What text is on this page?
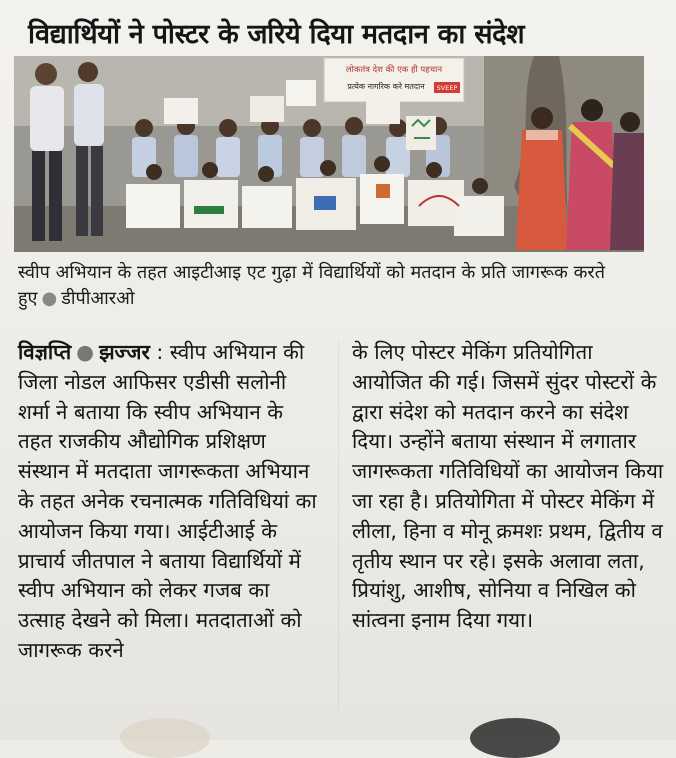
विद्यार्थियों ने पोस्टर के जरिये दिया मतदान का संदेश
लोकतंत्र देश की एक ही पहचान
प्रत्येक नागरिक करे मतदान SVEEP
स्वीप अभियान के तहत आइटीआइ एट गुढ़ा में विद्यार्थियों को मतदान के प्रति जागरूक करते हुए ● डीपीआरओ

विज्ञप्ति ● झज्जर : स्वीप अभियान की जिला नोडल आफिसर एडीसी सलोनी शर्मा ने बताया कि स्वीप अभियान के तहत राजकीय औद्योगिक प्रशिक्षण संस्थान में मतदाता जागरूकता अभियान के तहत अनेक रचनात्मक गतिविधियां का आयोजन किया गया। आईटीआई के प्राचार्य जीतपाल ने बताया विद्यार्थियों में स्वीप अभियान को लेकर गजब का उत्साह देखने को मिला। मतदाताओं को जागरूक करने

के लिए पोस्टर मेकिंग प्रतियोगिता आयोजित की गई। जिसमें सुंदर पोस्टरों के द्वारा संदेश को मतदान करने का संदेश दिया। उन्होंने बताया संस्थान में लगातार जागरूकता गतिविधियों का आयोजन किया जा रहा है। प्रतियोगिता में पोस्टर मेकिंग में लीला, हिना व मोनू क्रमशः प्रथम, द्वितीय व तृतीय स्थान पर रहे। इसके अलावा लता, प्रियांशु, आशीष, सोनिया व निखिल को सांत्वना इनाम दिया गया।
